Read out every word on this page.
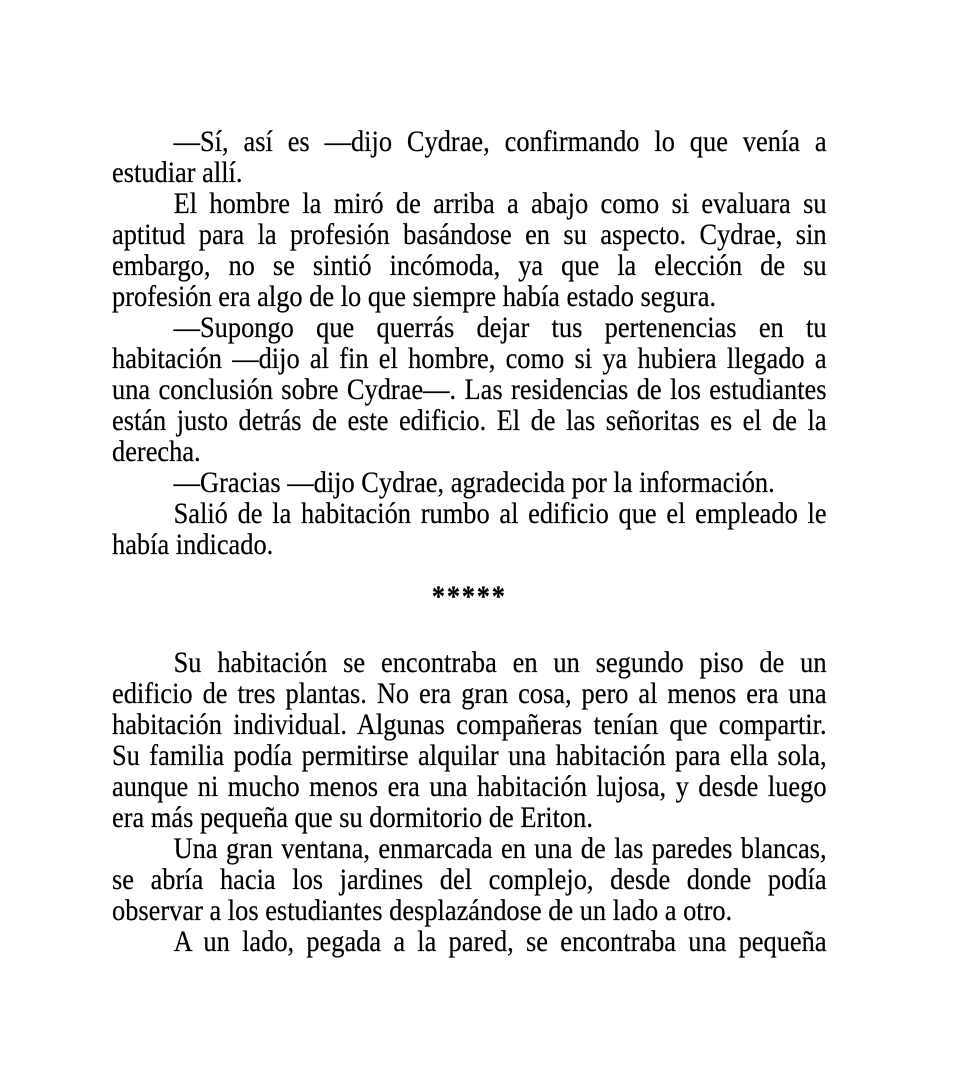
—Sí, así es —dijo Cydrae, confirmando lo que venía a
estudiar allí.

El hombre la miró de arriba a abajo como si evaluara su
aptitud para la profesión basándose en su aspecto. Cydrae, sin
embargo, no se sintió incómoda, ya que la elección de su
profesión era algo de lo que siempre había estado segura.

—Supongo que querrás dejar tus pertenencias en tu
habitación —dijo al fin el hombre, como si ya hubiera llegado a
una conclusión sobre Cydrae—. Las residencias de los estudiantes
están justo detrás de este edificio. El de las señoritas es el de la
derecha.

—Gracias —dijo Cydrae, agradecida por la información.

Salió de la habitación rumbo al edificio que el empleado le
había indicado.

*****

Su habitación se encontraba en un segundo piso de un
edificio de tres plantas. No era gran cosa, pero al menos era una
habitación individual. Algunas compañeras tenían que compartir.
Su familia podía permitirse alquilar una habitación para ella sola,
aunque ni mucho menos era una habitación lujosa, y desde luego
era más pequeña que su dormitorio de Eriton.

Una gran ventana, enmarcada en una de las paredes blancas,
se abría hacia los jardines del complejo, desde donde podía
observar a los estudiantes desplazándose de un lado a otro.

A un lado, pegada a la pared, se encontraba una pequeña
